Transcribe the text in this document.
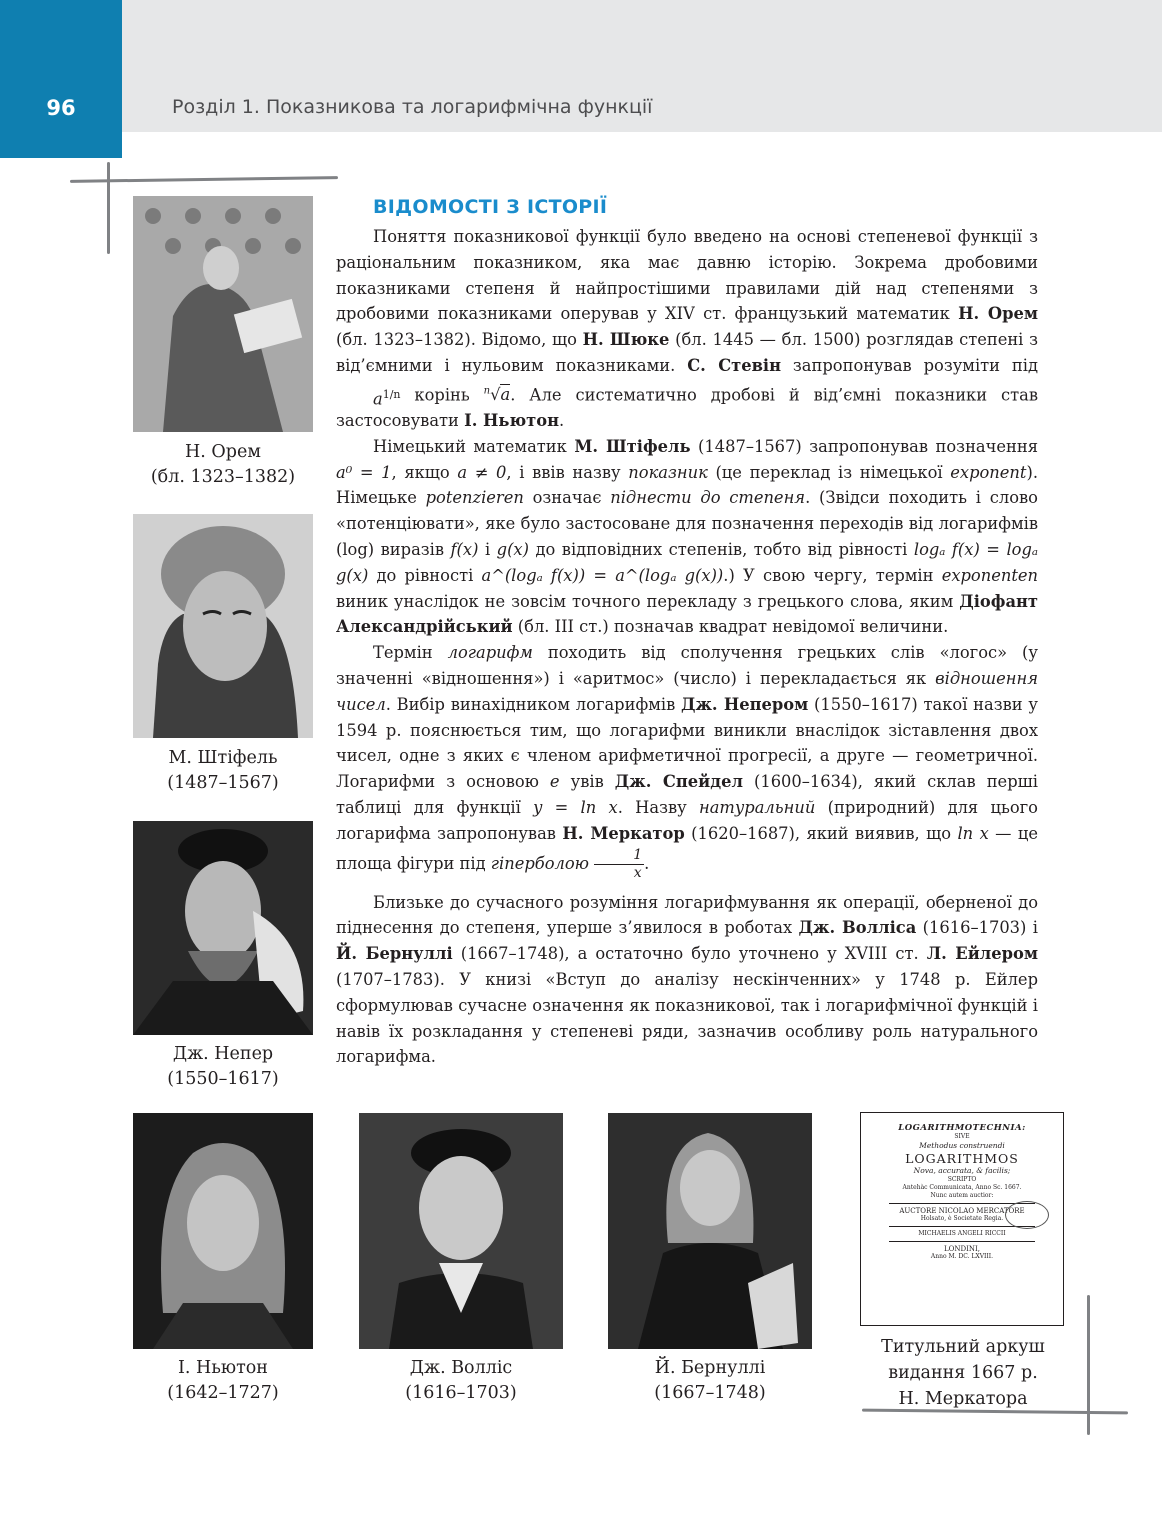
96	Розділ 1. Показникова та логарифмічна функції
Н. Орем
(бл. 1323–1382)
М. Штіфель
(1487–1567)
Дж. Непер
(1550–1617)
ВІДОМОСТІ З ІСТОРІЇ

Поняття показникової функції було введено на основі степеневої функції з раціональним показником, яка має давню історію. Зокрема дробовими показниками степеня й найпростішими правилами дій над степенями з дробовими показниками оперував у XIV ст. французький математик Н. Орем (бл. 1323–1382). Відомо, що Н. Шюке (бл. 1445 — бл. 1500) розглядав степені з від’ємними і нульовим показниками. С. Стевін запропонував розуміти під $a^{1/n}$ корінь $^n$√a. Але систематично дробові й від’ємні показники став застосовувати І. Ньютон.

Німецький математик М. Штіфель (1487–1567) запропонував позначення a⁰ = 1, якщо a ≠ 0, і ввів назву показник (це переклад із німецької exponent). Німецьке potenzieren означає піднести до степеня. (Звідси походить і слово «потенціювати», яке було застосоване для позначення переходів від логарифмів (log) виразів f(x) і g(x) до відповідних степенів, тобто від рівності logₐ f(x) = logₐ g(x) до рівності a^(logₐ f(x)) = a^(logₐ g(x)).) У свою чергу, термін exponenten виник унаслідок не зовсім точного перекладу з грецького слова, яким Діофант Александрійський (бл. III ст.) позначав квадрат невідомої величини.

Термін логарифм походить від сполучення грецьких слів «логос» (у значенні «відношення») і «аритмос» (число) і перекладається як відношення чисел. Вибір винахідником логарифмів Дж. Непером (1550–1617) такої назви у 1594 р. пояснюється тим, що логарифми виникли внаслідок зіставлення двох чисел, одне з яких є членом арифметичної прогресії, а друге — геометричної. Логарифми з основою e увів Дж. Спейдел (1600–1634), який склав перші таблиці для функції y = ln x. Назву натуральний (природний) для цього логарифма запропонував Н. Меркатор (1620–1687), який виявив, що ln x — це площа фігури під гіперболою $\frac{1}{x}$ .

Близьке до сучасного розуміння логарифмування як операції, оберненої до піднесення до степеня, уперше з’явилося в роботах Дж. Волліса (1616–1703) і Й. Бернуллі (1667–1748), а остаточно було уточнено у XVIII ст. Л. Ейлером (1707–1783). У книзі «Вступ до аналізу нескінченних» у 1748 р. Ейлер сформулював сучасне означення як показникової, так і логарифмічної функцій і навів їх розкладання у степеневі ряди, зазначив особливу роль натурального логарифма.

І. Ньютон
(1642–1727)
Дж. Волліс
(1616–1703)
Й. Бернуллі
(1667–1748)
LOGARITHMOTECHNIA:
SIVE
Methodus construendi
LOGARITHMOS
Nova, accurata, & facilis;
SCRIPTO
Antehàc Communicata, Anno Sc. 1667.
Nunc autem auctior:
AUCTORE NICOLAO MERCATORE
Holsato, è Societate Regia.
MICHAELIS ANGELI RICCII
LONDINI,
Anno M. DC. LXVIII.
Титульний аркуш
видання 1667 р.
Н. Меркатора
